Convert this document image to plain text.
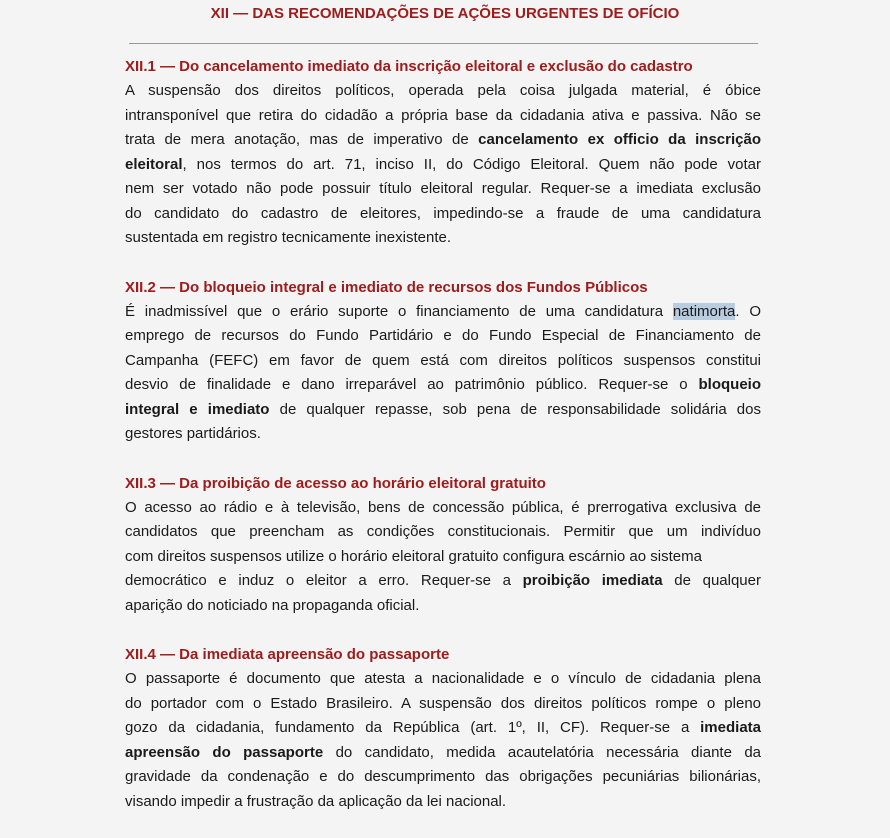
XII — DAS RECOMENDAÇÕES DE AÇÕES URGENTES DE OFÍCIO
XII.1 — Do cancelamento imediato da inscrição eleitoral e exclusão do cadastro
A suspensão dos direitos políticos, operada pela coisa julgada material, é óbice
intransponível que retira do cidadão a própria base da cidadania ativa e passiva. Não se
trata de mera anotação, mas de imperativo de cancelamento ex officio da inscrição
eleitoral, nos termos do art. 71, inciso II, do Código Eleitoral. Quem não pode votar
nem ser votado não pode possuir título eleitoral regular. Requer-se a imediata exclusão
do candidato do cadastro de eleitores, impedindo-se a fraude de uma candidatura
sustentada em registro tecnicamente inexistente.
XII.2 — Do bloqueio integral e imediato de recursos dos Fundos Públicos
É inadmissível que o erário suporte o financiamento de uma candidatura natimorta. O
emprego de recursos do Fundo Partidário e do Fundo Especial de Financiamento de
Campanha (FEFC) em favor de quem está com direitos políticos suspensos constitui
desvio de finalidade e dano irreparável ao patrimônio público. Requer-se o bloqueio
integral e imediato de qualquer repasse, sob pena de responsabilidade solidária dos
gestores partidários.
XII.3 — Da proibição de acesso ao horário eleitoral gratuito
O acesso ao rádio e à televisão, bens de concessão pública, é prerrogativa exclusiva de
candidatos que preencham as condições constitucionais. Permitir que um indivíduo
com direitos suspensos utilize o horário eleitoral gratuito configura escárnio ao sistema
democrático e induz o eleitor a erro. Requer-se a proibição imediata de qualquer
aparição do noticiado na propaganda oficial.
XII.4 — Da imediata apreensão do passaporte
O passaporte é documento que atesta a nacionalidade e o vínculo de cidadania plena
do portador com o Estado Brasileiro. A suspensão dos direitos políticos rompe o pleno
gozo da cidadania, fundamento da República (art. 1º, II, CF). Requer-se a imediata
apreensão do passaporte do candidato, medida acautelatória necessária diante da
gravidade da condenação e do descumprimento das obrigações pecuniárias bilionárias,
visando impedir a frustração da aplicação da lei nacional.
